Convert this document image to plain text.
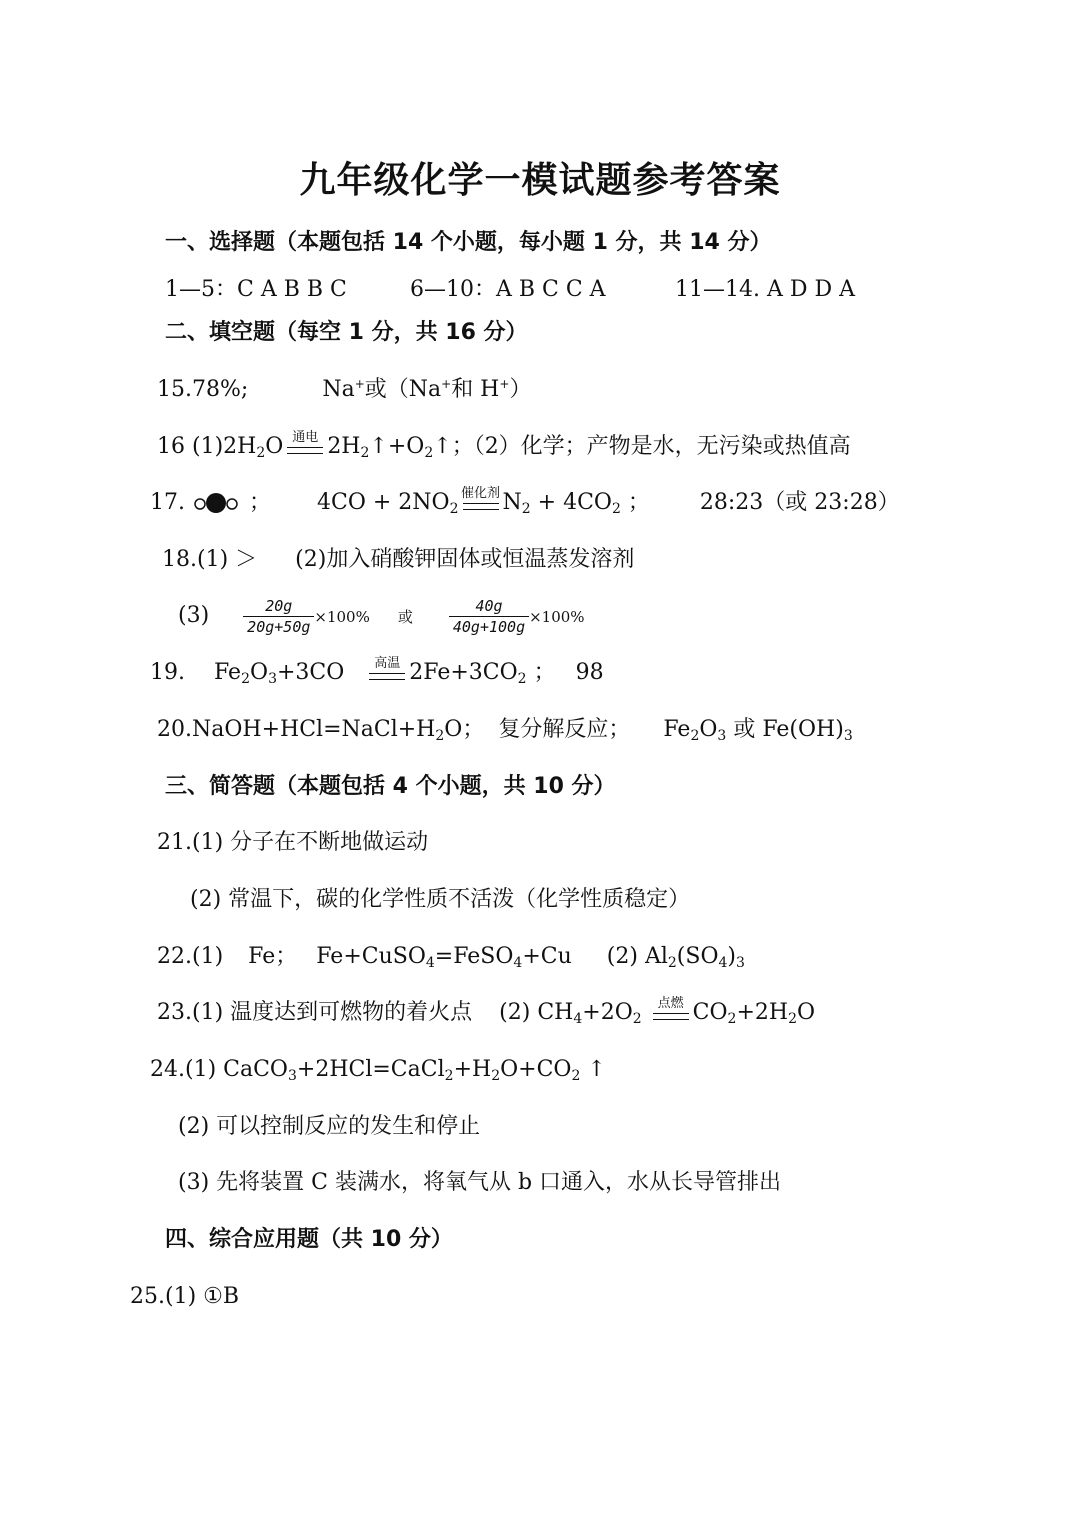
九年级化学一模试题参考答案
一、选择题（本题包括 14 个小题，每小题 1 分，共 14 分）
1—5：C A B B C	6—10：A B C C A	11—14. A D D A
二、填空题（每空 1 分，共 16 分）
15.78%;	Na+或（Na+和 H+）
16 $(1)2H_2O$ 通电 $2H_2↑+O_2↑$；（2）化学；产物是水，无污染或热值高
17.	； $4CO + 2NO_2$
催化剂 $N_2 + 4CO_2$ ； 28:23（或 23:28）
18.(1) ＞ (2)加入硝酸钾固体或恒温蒸发溶剂
$(3) \frac{20g}{20g+50g} \times 100\%$ 或 $\frac{40g}{40g+100g} \times 100\%$
19. $Fe_2O_3+3CO$	高温 $2Fe+3CO_2$ ； 98
$20.NaOH+HCl=NaCl+H_2O$； 复分解反应； $Fe_2O_3$ 或 $Fe(OH)_3$
三、简答题（本题包括 4 个小题，共 10 分）
21.(1) 分子在不断地做运动
(2) 常温下，碳的化学性质不活泼（化学性质稳定）
22.(1) Fe； Fe+CuSO$_4$=FeSO$_4$+Cu (2) $Al_2(SO_4)_3$
23.(1) 温度达到可燃物的着火点 (2) $CH_4+2O_2$
点燃 $CO_2+2H_2O$
24.(1) $CaCO_3+2HCl=CaCl_2+H_2O+CO_2$ ↑
(2) 可以控制反应的发生和停止
(3) 先将装置 C 装满水，将氧气从 b 口通入，水从长导管排出
四、综合应用题（共 10 分）
25.(1) ①B
